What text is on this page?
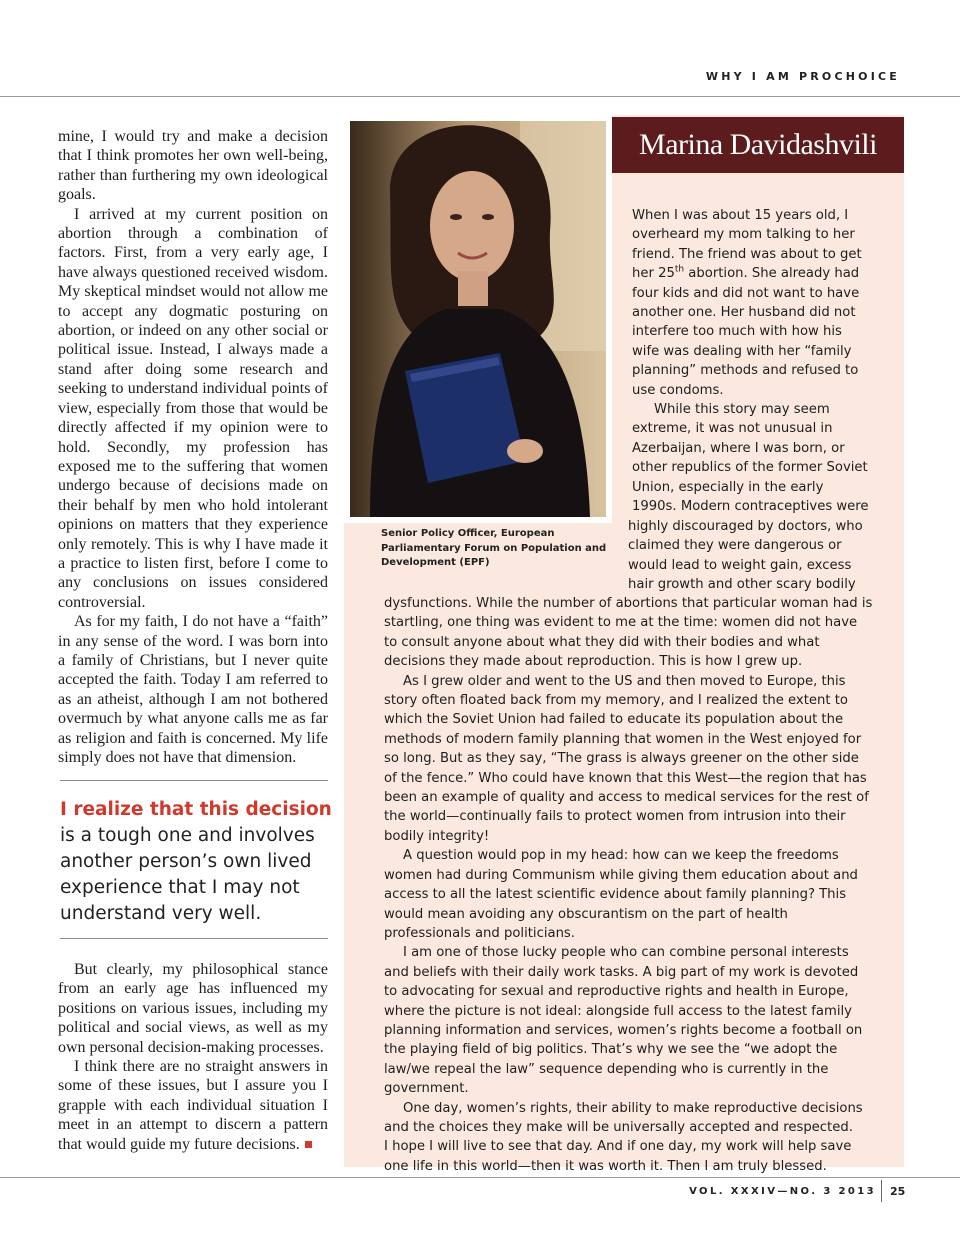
WHY I AM PROCHOICE

mine, I would try and make a decision that I think promotes her own well-being, rather than furthering my own ideological goals.

I arrived at my current position on abortion through a combination of factors. First, from a very early age, I have always questioned received wisdom. My skeptical mindset would not allow me to accept any dogmatic posturing on abortion, or indeed on any other social or political issue. Instead, I always made a stand after doing some research and seeking to understand individual points of view, especially from those that would be directly affected if my opinion were to hold. Secondly, my profession has exposed me to the suffering that women undergo because of decisions made on their behalf by men who hold intolerant opinions on matters that they experience only remotely. This is why I have made it a practice to listen first, before I come to any conclusions on issues considered controversial.

As for my faith, I do not have a “faith” in any sense of the word. I was born into a family of Christians, but I never quite accepted the faith. Today I am referred to as an atheist, although I am not bothered overmuch by what anyone calls me as far as religion and faith is concerned. My life simply does not have that dimension.

I realize that this decision is a tough one and involves another person’s own lived experience that I may not understand very well.

But clearly, my philosophical stance from an early age has influenced my positions on various issues, including my political and social views, as well as my own personal decision-making processes.

I think there are no straight answers in some of these issues, but I assure you I grapple with each individual situation I meet in an attempt to discern a pattern that would guide my future decisions.

Marina Davidashvili
Senior Policy Officer, European Parliamentary Forum on Population and Development (EPF)

When I was about 15 years old, I overheard my mom talking to her friend. The friend was about to get her 25th abortion. She already had four kids and did not want to have another one. Her husband did not interfere too much with how his wife was dealing with her “family planning” methods and refused to use condoms.

While this story may seem extreme, it was not unusual in Azerbaijan, where I was born, or other republics of the former Soviet Union, especially in the early 1990s. Modern contraceptives were

highly discouraged by doctors, who claimed they were dangerous or would lead to weight gain, excess hair growth and other scary bodily

dysfunctions. While the number of abortions that particular woman had is startling, one thing was evident to me at the time: women did not have to consult anyone about what they did with their bodies and what decisions they made about reproduction. This is how I grew up.

As I grew older and went to the US and then moved to Europe, this story often floated back from my memory, and I realized the extent to which the Soviet Union had failed to educate its population about the methods of modern family planning that women in the West enjoyed for so long. But as they say, “The grass is always greener on the other side of the fence.” Who could have known that this West—the region that has been an example of quality and access to medical services for the rest of the world—continually fails to protect women from intrusion into their bodily integrity!

A question would pop in my head: how can we keep the freedoms women had during Communism while giving them education about and access to all the latest scientific evidence about family planning? This would mean avoiding any obscurantism on the part of health professionals and politicians.

I am one of those lucky people who can combine personal interests and beliefs with their daily work tasks. A big part of my work is devoted to advocating for sexual and reproductive rights and health in Europe, where the picture is not ideal: alongside full access to the latest family planning information and services, women’s rights become a football on the playing field of big politics. That’s why we see the “we adopt the law/we repeal the law” sequence depending who is currently in the government.

One day, women’s rights, their ability to make reproductive decisions and the choices they make will be universally accepted and respected.

I hope I will live to see that day. And if one day, my work will help save one life in this world—then it was worth it. Then I am truly blessed.

VOL. XXXIV—NO. 3 2013 25
